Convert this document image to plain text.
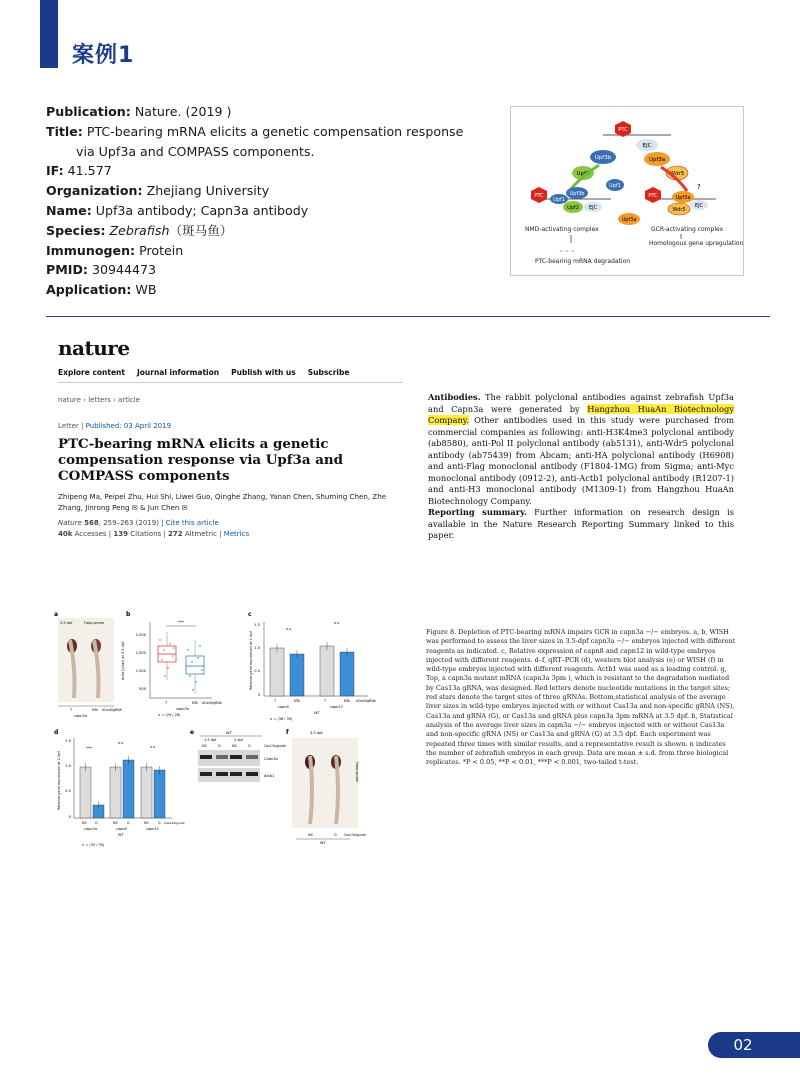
案例1
Publication: Nature. (2019 )
Title: PTC-bearing mRNA elicits a genetic compensation response
via Upf3a and COMPASS components.
IF: 41.577
Organization: Zhejiang University
Name: Upf3a antibody; Capn3a antibody
Species: Zebrafish（斑马鱼）
Immunogen: Protein
PMID: 30944473
Application: WB
PTC
EJC
Upf3b	Upf3a
Upf2	Wdr5
Upf1
PTC
Upf1
Upf3b
Upf2 EJC
Upf3a
PTC	Upf3a
?
Wdr5
EJC
NMD-activating complex	GCR-activating complex
Homologous gene upregulation
~ ~ ~
PTC-bearing mRNA degradation
nature
Explore content Journal information Publish with us Subscribe
nature › letters › article
Letter | Published: 03 April 2019
PTC-bearing mRNA elicits a genetic compensation response via Upf3a and COMPASS components
Zhipeng Ma, Peipei Zhu, Hui Shi, Liwei Guo, Qinghe Zhang, Yanan Chen, Shuming Chen, Zhe Zhang, Jinrong Peng ✉ & Jun Chen ✉
Nature 568, 259–263 (2019) | Cite this article
40k Accesses | 139 Citations | 272 Altmetric | Metrics
Antibodies. The rabbit polyclonal antibodies against zebrafish Upf3a and Capn3a were generated by Hangzhou HuaAn Biotechnology Company. Other antibodies used in this study were purchased from commercial companies as following: anti-H3K4me3 polyclonal antibody (ab8580), anti-Pol II polyclonal antibody (ab5131), anti-Wdr5 polyclonal antibody (ab75439) from Abcam; anti-HA polyclonal antibody (H6908) and anti-Flag monoclonal antibody (F1804-1MG) from Sigma; anti-Myc monoclonal antibody (0912-2), anti-Actb1 polyclonal antibody (R1207-1) and anti-H3 monoclonal antibody (M1309-1) from Hangzhou HuaAn Biotechnology Company.
Reporting summary. Further information on research design is available in the Nature Research Reporting Summary linked to this paper.
a
3.5 dpf	Fabp-probe
T	NTs dCas9/gRNA
capn3a
b
Area (pixel) at 3.5 dpf
2,000
1,500
1,000
500
***
T	NTs dCas9/gRNA
capn3a
n = (29 / 28)
c
Relative gene expression at 1 dpf
1.5
1.0
0.5
0
n.s
n.s
T	NTs	T	NTs dCas9/gRNA
capn8	capn12
WT
n = (36 / 35)
d
Relative gene expression at 2 dpf
1.5
1.0
0.5
0
***
n.s
n.s
NS	G	NS	G	NS	G Cas13a/guide
capn3a	capn8	capn12
WT
n = (35 / 35)
e	WT
1.5 dpf	2 dpf
NS	G	NS	G	Cas13a/guide
Capn3a
Actb1
f	3.5 dpf
Fabp-probe
NS	G Cas13a/guide
WT
Figure 8. Depletion of PTC-bearing mRNA impairs GCR in capn3a −/− embryos. a, b, WISH was performed to assess the liver sizes in 3.5-dpf capn3a −/− embryos injected with different reagents as indicated. c, Relative expression of capn8 and capn12 in wild-type embryos injected with different reagents. d–f, qRT–PCR (d), western blot analysis (e) or WISH (f) in wild-type embryos injected with different reagents. Actb1 was used as a loading control. g, Top, a capn3a mutant mRNA (capn3a 3pm ), which is resistant to the degradation mediated by Cas13a gRNA, was designed. Red letters denote nucleotide mutations in the target sites; red stars denote the target sites of three gRNAs. Bottom,statistical analysis of the average liver sizes in wild-type embryos injected with or without Cas13a and non-specific gRNA (NS), Cas13a and gRNA (G), or Cas13a and gRNA plus capn3a 3pm mRNA at 3.5 dpf. h, Statistical analysis of the average liver sizes in capn3a −/− embryos injected with or without Cas13a and non-specific gRNA (NS) or Cas13a and gRNA (G) at 3.5 dpf. Each experiment was repeated three times with similar results, and a representative result is shown. n indicates the number of zebrafish embryos in each group. Data are mean ± s.d. from three biological replicates. *P < 0.05, **P < 0.01, ***P < 0.001, two-tailed t-test.
02
